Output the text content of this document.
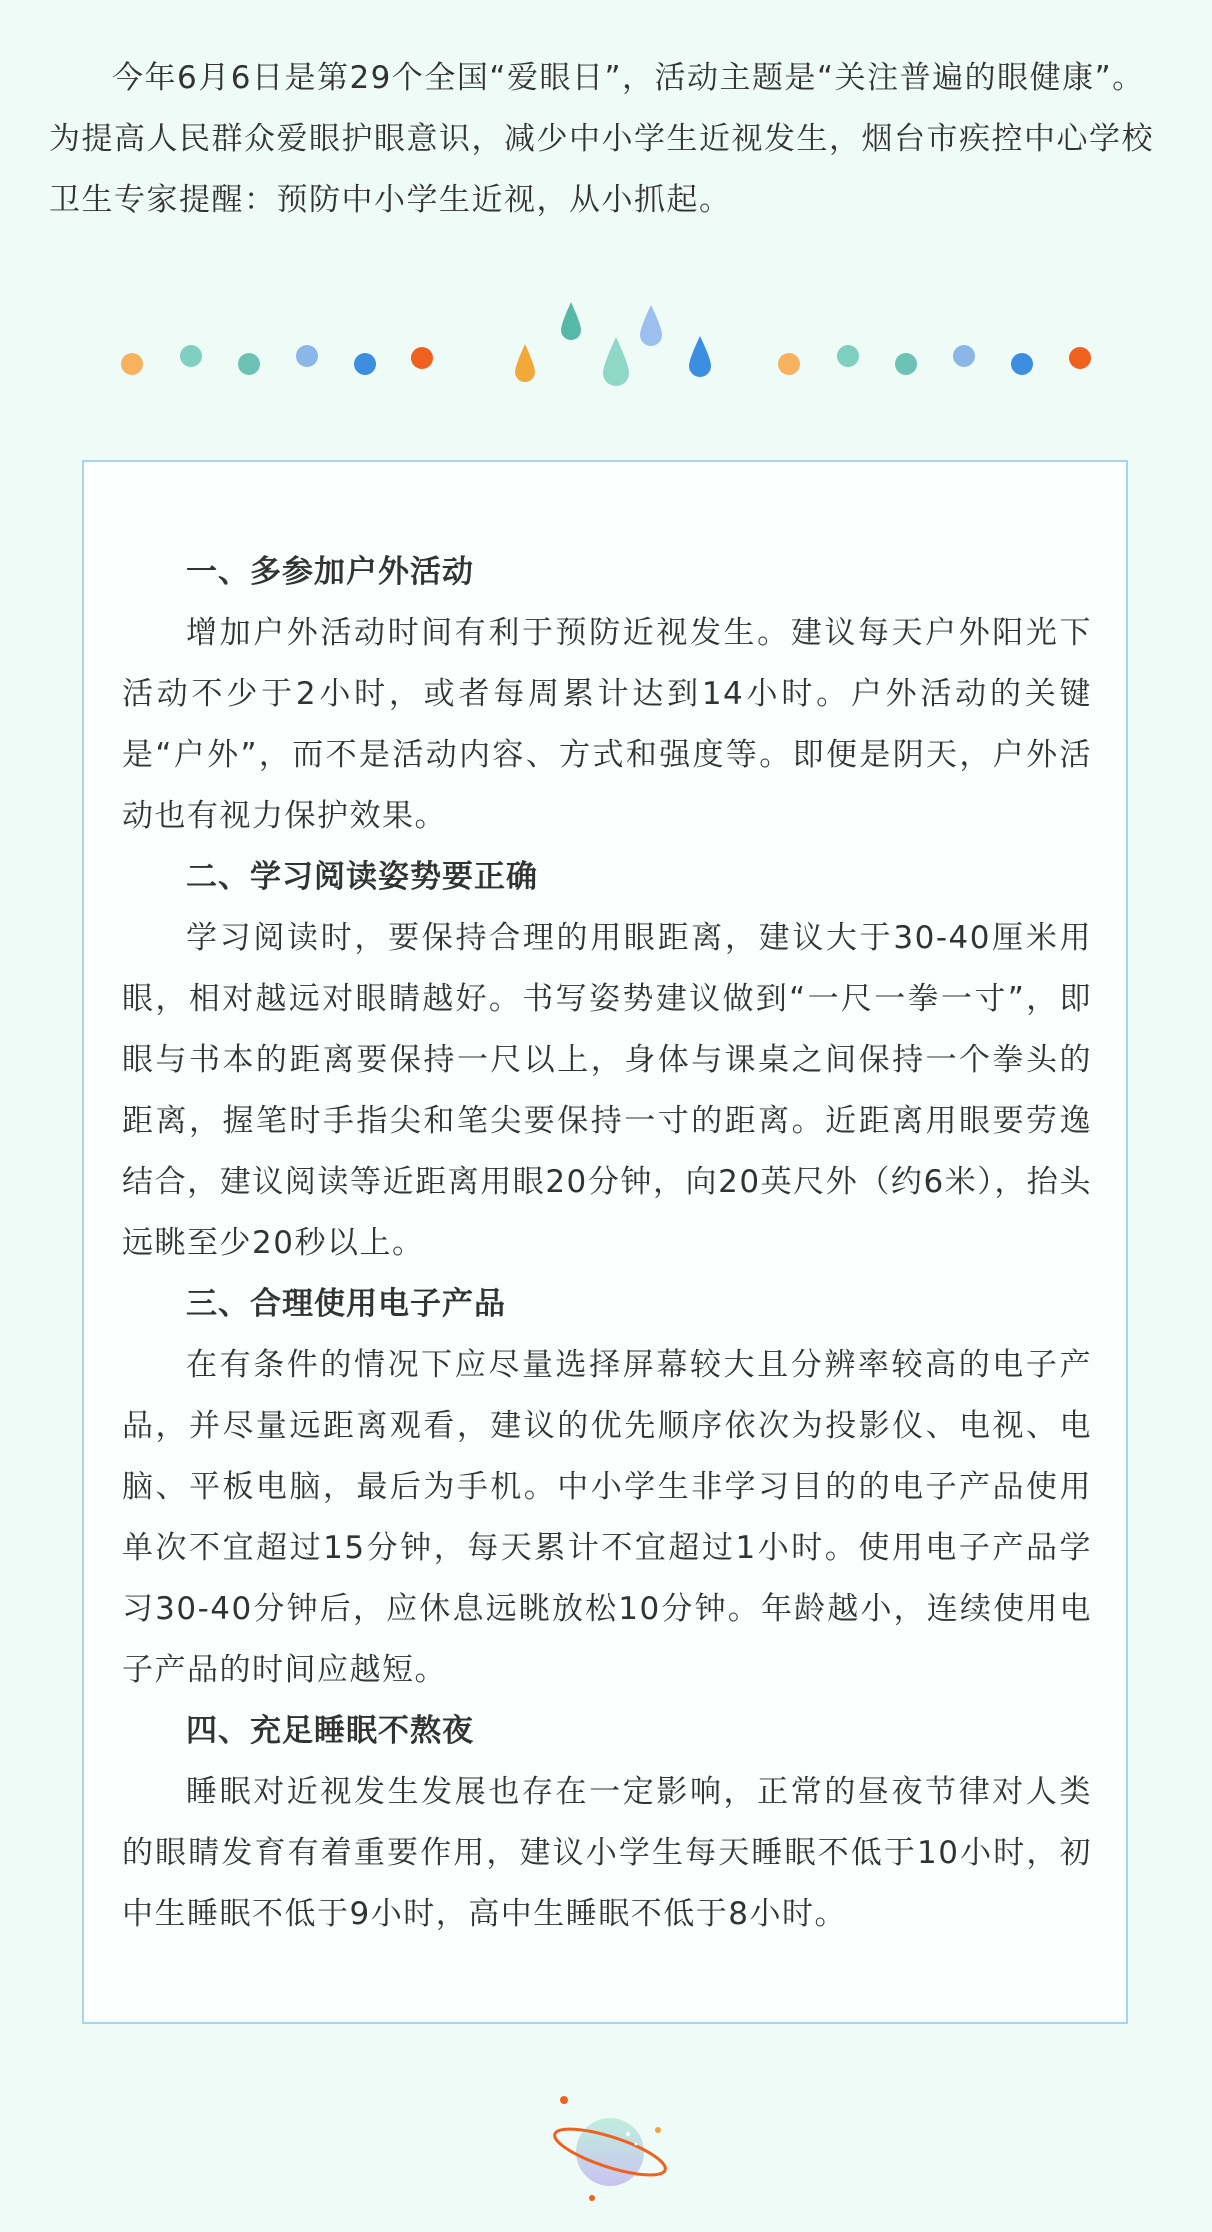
今年6月6日是第29个全国“爱眼日”，活动主题是“关注普遍的眼健康”。为提高人民群众爱眼护眼意识，减少中小学生近视发生，烟台市疾控中心学校卫生专家提醒：预防中小学生近视，从小抓起。

一、多参加户外活动

增加户外活动时间有利于预防近视发生。建议每天户外阳光下活动不少于2小时，或者每周累计达到14小时。户外活动的关键是“户外”，而不是活动内容、方式和强度等。即便是阴天，户外活动也有视力保护效果。

二、学习阅读姿势要正确

学习阅读时，要保持合理的用眼距离，建议大于30-40厘米用眼，相对越远对眼睛越好。书写姿势建议做到“一尺一拳一寸”，即眼与书本的距离要保持一尺以上，身体与课桌之间保持一个拳头的距离，握笔时手指尖和笔尖要保持一寸的距离。近距离用眼要劳逸结合，建议阅读等近距离用眼20分钟，向20英尺外（约6米），抬头远眺至少20秒以上。

三、合理使用电子产品

在有条件的情况下应尽量选择屏幕较大且分辨率较高的电子产品，并尽量远距离观看，建议的优先顺序依次为投影仪、电视、电脑、平板电脑，最后为手机。中小学生非学习目的的电子产品使用单次不宜超过15分钟，每天累计不宜超过1小时。使用电子产品学习30-40分钟后，应休息远眺放松10分钟。年龄越小，连续使用电子产品的时间应越短。

四、充足睡眠不熬夜

睡眠对近视发生发展也存在一定影响，正常的昼夜节律对人类的眼睛发育有着重要作用，建议小学生每天睡眠不低于10小时，初中生睡眠不低于9小时，高中生睡眠不低于8小时。
